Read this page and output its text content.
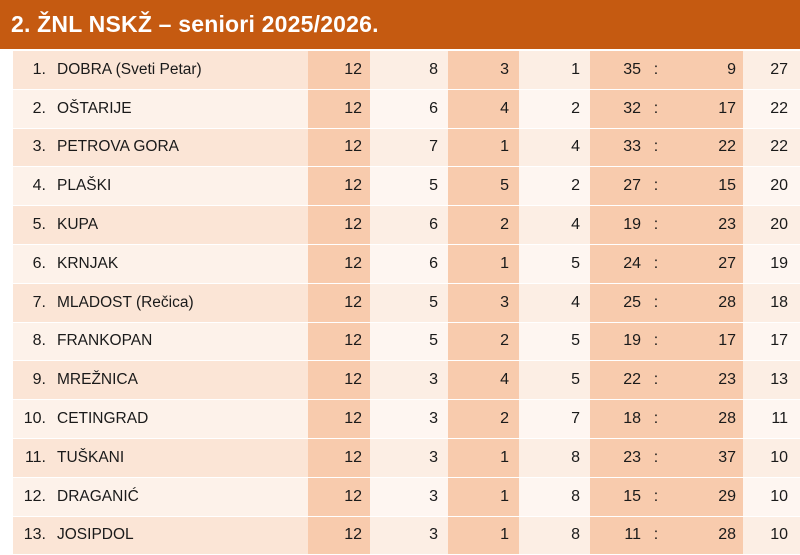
2. ŽNL NSKŽ – seniori 2025/2026.
1. DOBRA (Sveti Petar)	12	8	3	1	35 :	9	27
2. OŠTARIJE	12	6	4	2	32 :	17	22
3. PETROVA GORA	12	7	1	4	33 :	22	22
4. PLAŠKI	12	5	5	2	27 :	15	20
5. KUPA	12	6	2	4	19 :	23	20
6. KRNJAK	12	6	1	5	24 :	27	19
7. MLADOST (Rečica)	12	5	3	4	25 :	28	18
8. FRANKOPAN	12	5	2	5	19 :	17	17
9. MREŽNICA	12	3	4	5	22 :	23	13
10. CETINGRAD	12	3	2	7	18 :	28	11
11. TUŠKANI	12	3	1	8	23 :	37	10
12. DRAGANIĆ	12	3	1	8	15 :	29	10
13. JOSIPDOL	12	3	1	8	11 :	28	10
